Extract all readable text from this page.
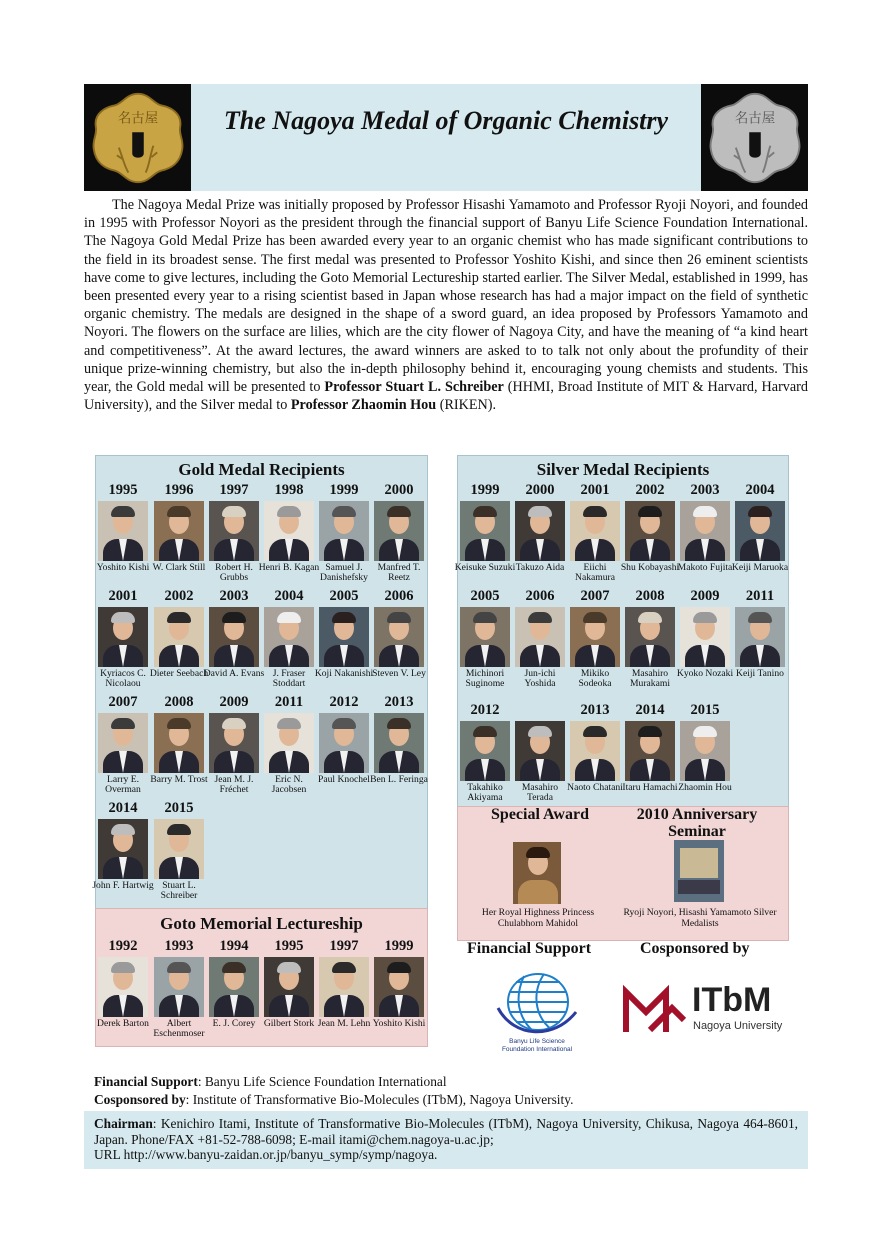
名古屋	The Nagoya Medal of Organic Chemistry	名古屋
The Nagoya Medal Prize was initially proposed by Professor Hisashi Yamamoto and Professor Ryoji Noyori, and founded in 1995 with Professor Noyori as the president through the financial support of Banyu Life Science Foundation International. The Nagoya Gold Medal Prize has been awarded every year to an organic chemist who has made significant contributions to the field in its broadest sense. The first medal was presented to Professor Yoshito Kishi, and since then 26 eminent scientists have come to give lectures, including the Goto Memorial Lectureship started earlier. The Silver Medal, established in 1999, has been presented every year to a rising scientist based in Japan whose research has had a major impact on the field of synthetic organic chemistry. The medals are designed in the shape of a sword guard, an idea proposed by Professors Yamamoto and Noyori. The flowers on the surface are lilies, which are the city flower of Nagoya City, and have the meaning of “a kind heart and competitiveness”. At the award lectures, the award winners are asked to to talk not only about the profundity of their unique prize-winning chemistry, but also the in-depth philosophy behind it, encouraging young chemists and students. This year, the Gold medal will be presented to Professor Stuart L. Schreiber (HHMI, Broad Institute of MIT & Harvard, Harvard University), and the Silver medal to Professor Zhaomin Hou (RIKEN).
Gold Medal Recipients	Silver Medal Recipients
Special Award
Her Royal Highness Princess Chulabhorn Mahidol
2010 Anniversary Seminar
Ryoji Noyori, Hisashi Yamamoto Silver Medalists
Goto Memorial Lectureship
1995
Yoshito Kishi
1996
W. Clark Still
1997
Robert H. Grubbs
1998
Henri B. Kagan
1999
Samuel J. Danishefsky
2000
Manfred T. Reetz
2001
Kyriacos C. Nicolaou
2002
Dieter Seebach
2003
David A. Evans
2004
J. Fraser Stoddart
2005
Koji Nakanishi
2006
Steven V. Ley
2007
Larry E. Overman
2008
Barry M. Trost
2009
Jean M. J. Fréchet
2011
Eric N. Jacobsen
2012
Paul Knochel
2013
Ben L. Feringa
2014
John F. Hartwig
2015
Stuart L. Schreiber
1999
Keisuke Suzuki
2000
Takuzo Aida
2001
Eiichi Nakamura
2002
Shu Kobayashi
2003
Makoto Fujita
2004
Keiji Maruoka
2005
Michinori Suginome
2006
Jun-ichi Yoshida
2007
Mikiko Sodeoka
2008
Masahiro Murakami
2009
Kyoko Nozaki
2011
Keiji Tanino
2012
Takahiko Akiyama
Masahiro Terada
2013
Naoto Chatani
2014
Itaru Hamachi
2015
Zhaomin Hou
1992
Derek Barton
1993
Albert Eschenmoser
1994
E. J. Corey
1995
Gilbert Stork
1997
Jean M. Lehn
1999
Yoshito Kishi
Financial Support	Cosponsored by
Banyu Life Science Foundation International
ITbM
Nagoya University
Financial Support: Banyu Life Science Foundation International
Cosponsored by: Institute of Transformative Bio-Molecules (ITbM), Nagoya University.
Chairman: Kenichiro Itami, Institute of Transformative Bio-Molecules (ITbM), Nagoya University, Chikusa, Nagoya 464-8601, Japan. Phone/FAX +81-52-788-6098; E-mail itami@chem.nagoya-u.ac.jp;
URL http://www.banyu-zaidan.or.jp/banyu_symp/symp/nagoya.
